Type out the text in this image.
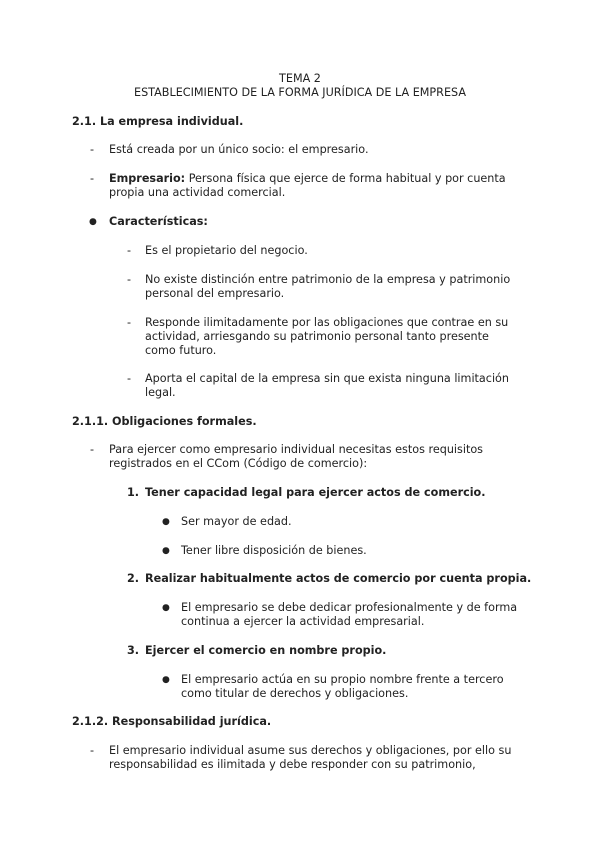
TEMA 2
ESTABLECIMIENTO DE LA FORMA JURÍDICA DE LA EMPRESA
2.1. La empresa individual.
- Está creada por un único socio: el empresario.
- Empresario: Persona física que ejerce de forma habitual y por cuenta
propia una actividad comercial.
● Características:
- Es el propietario del negocio.
- No existe distinción entre patrimonio de la empresa y patrimonio
personal del empresario.
- Responde ilimitadamente por las obligaciones que contrae en su
actividad, arriesgando su patrimonio personal tanto presente
como futuro.
- Aporta el capital de la empresa sin que exista ninguna limitación
legal.
2.1.1. Obligaciones formales.
- Para ejercer como empresario individual necesitas estos requisitos
registrados en el CCom (Código de comercio):
1. Tener capacidad legal para ejercer actos de comercio.
● Ser mayor de edad.
● Tener libre disposición de bienes.
2. Realizar habitualmente actos de comercio por cuenta propia.
● El empresario se debe dedicar profesionalmente y de forma
continua a ejercer la actividad empresarial.
3. Ejercer el comercio en nombre propio.
● El empresario actúa en su propio nombre frente a tercero
como titular de derechos y obligaciones.
2.1.2. Responsabilidad jurídica.
- El empresario individual asume sus derechos y obligaciones, por ello su
responsabilidad es ilimitada y debe responder con su patrimonio,
